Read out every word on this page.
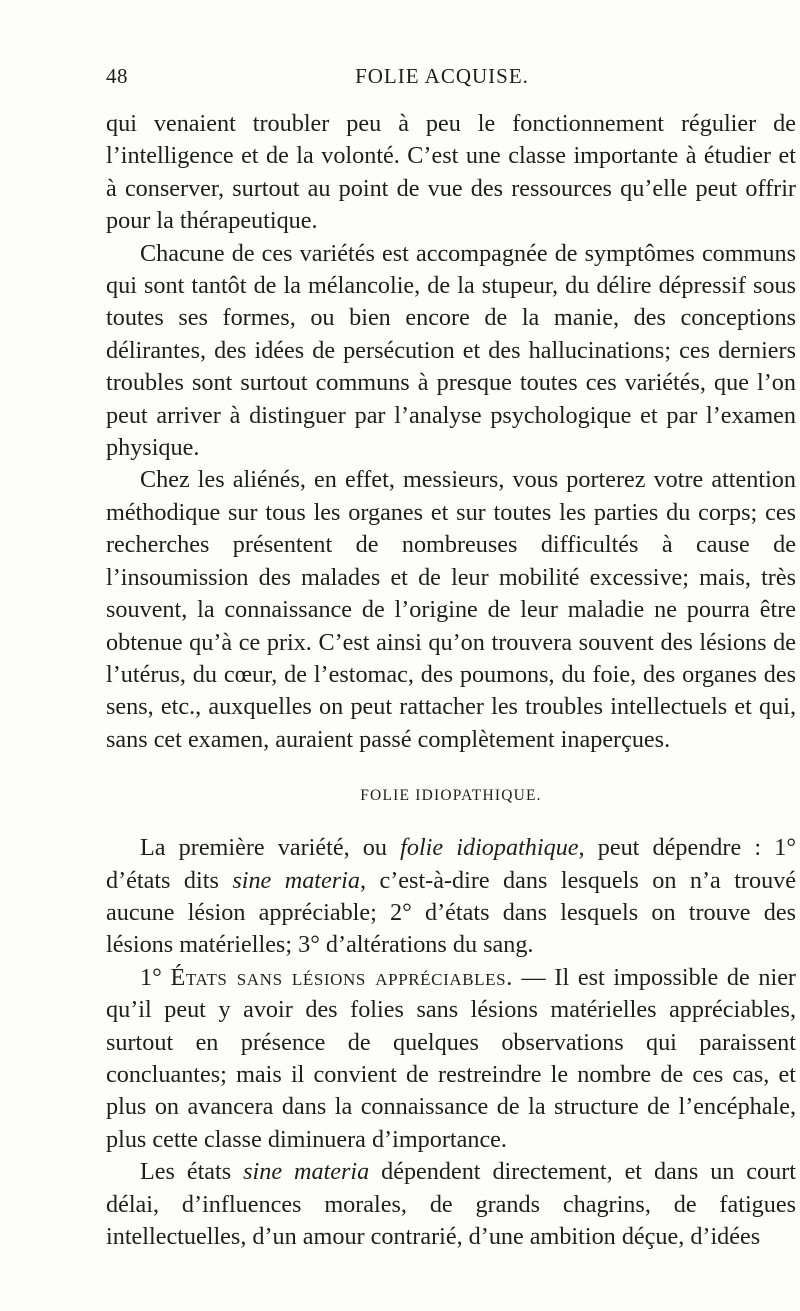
48	FOLIE ACQUISE.

qui venaient troubler peu à peu le fonctionnement régulier de l’intelligence et de la volonté. C’est une classe importante à étudier et à conserver, surtout au point de vue des ressources qu’elle peut offrir pour la thérapeutique.

Chacune de ces variétés est accompagnée de symptômes communs qui sont tantôt de la mélancolie, de la stupeur, du délire dépressif sous toutes ses formes, ou bien encore de la manie, des conceptions délirantes, des idées de persécution et des hallucinations; ces derniers troubles sont surtout communs à presque toutes ces variétés, que l’on peut arriver à distinguer par l’analyse psychologique et par l’examen physique.

Chez les aliénés, en effet, messieurs, vous porterez votre attention méthodique sur tous les organes et sur toutes les parties du corps; ces recherches présentent de nombreuses difficultés à cause de l’insoumission des malades et de leur mobilité excessive; mais, très souvent, la connaissance de l’origine de leur maladie ne pourra être obtenue qu’à ce prix. C’est ainsi qu’on trouvera souvent des lésions de l’utérus, du cœur, de l’estomac, des poumons, du foie, des organes des sens, etc., auxquelles on peut rattacher les troubles intellectuels et qui, sans cet examen, auraient passé complètement inaperçues.

FOLIE IDIOPATHIQUE.

La première variété, ou folie idiopathique, peut dépendre : 1° d’états dits sine materia, c’est-à-dire dans lesquels on n’a trouvé aucune lésion appréciable; 2° d’états dans lesquels on trouve des lésions matérielles; 3° d’altérations du sang.

1° États sans lésions appréciables. — Il est impossible de nier qu’il peut y avoir des folies sans lésions matérielles appréciables, surtout en présence de quelques observations qui paraissent concluantes; mais il convient de restreindre le nombre de ces cas, et plus on avancera dans la connaissance de la structure de l’encéphale, plus cette classe diminuera d’importance.

Les états sine materia dépendent directement, et dans un court délai, d’influences morales, de grands chagrins, de fatigues intellectuelles, d’un amour contrarié, d’une ambition déçue, d’idées
